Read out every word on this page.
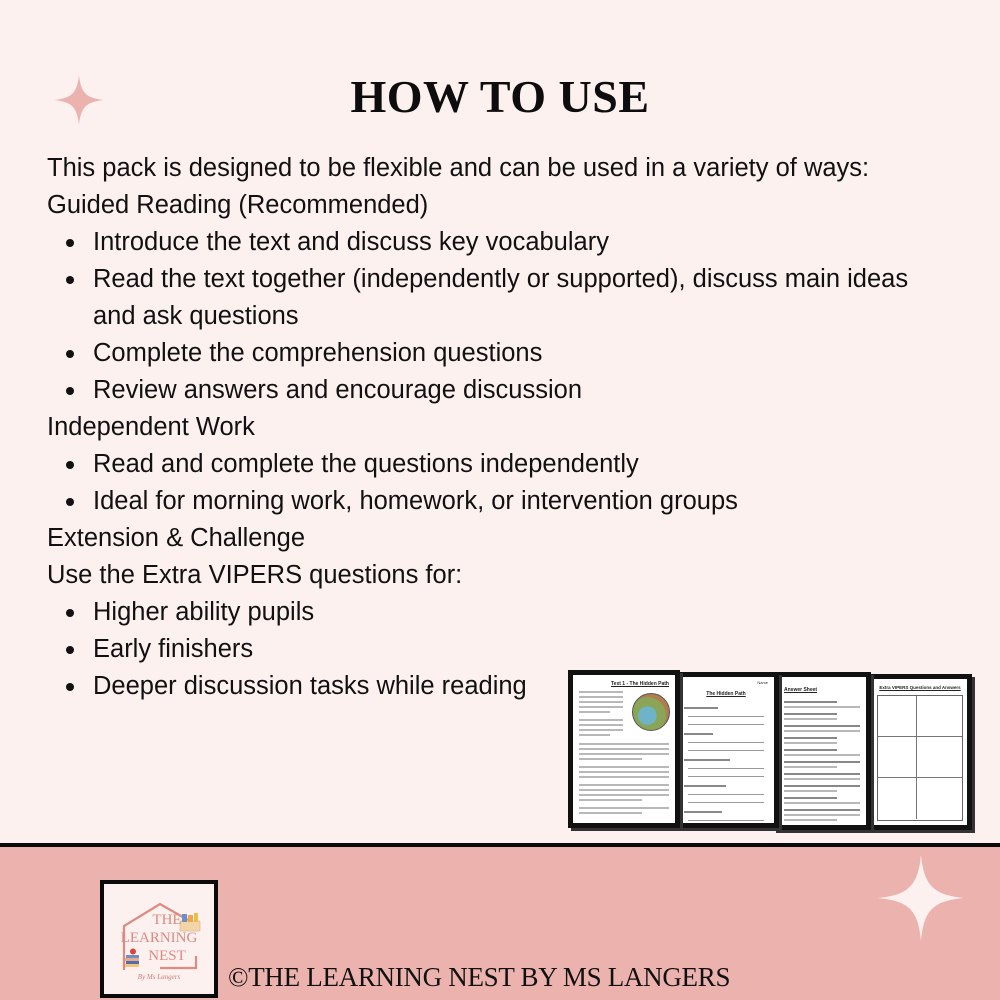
HOW TO USE
This pack is designed to be flexible and can be used in a variety of ways:
Guided Reading (Recommended)
Introduce the text and discuss key vocabulary
Read the text together (independently or supported), discuss main ideas and ask questions
Complete the comprehension questions
Review answers and encourage discussion
Independent Work
Read and complete the questions independently
Ideal for morning work, homework, or intervention groups
Extension & Challenge
Use the Extra VIPERS questions for:
Higher ability pupils
Early finishers
Deeper discussion tasks while reading	Text 1 - The Hidden Path	Name
The Hidden Path
Answer Sheet	Extra VIPERS Questions and Answers
THE
LEARNING
NEST
By Ms Langers	©THE LEARNING NEST BY MS LANGERS
